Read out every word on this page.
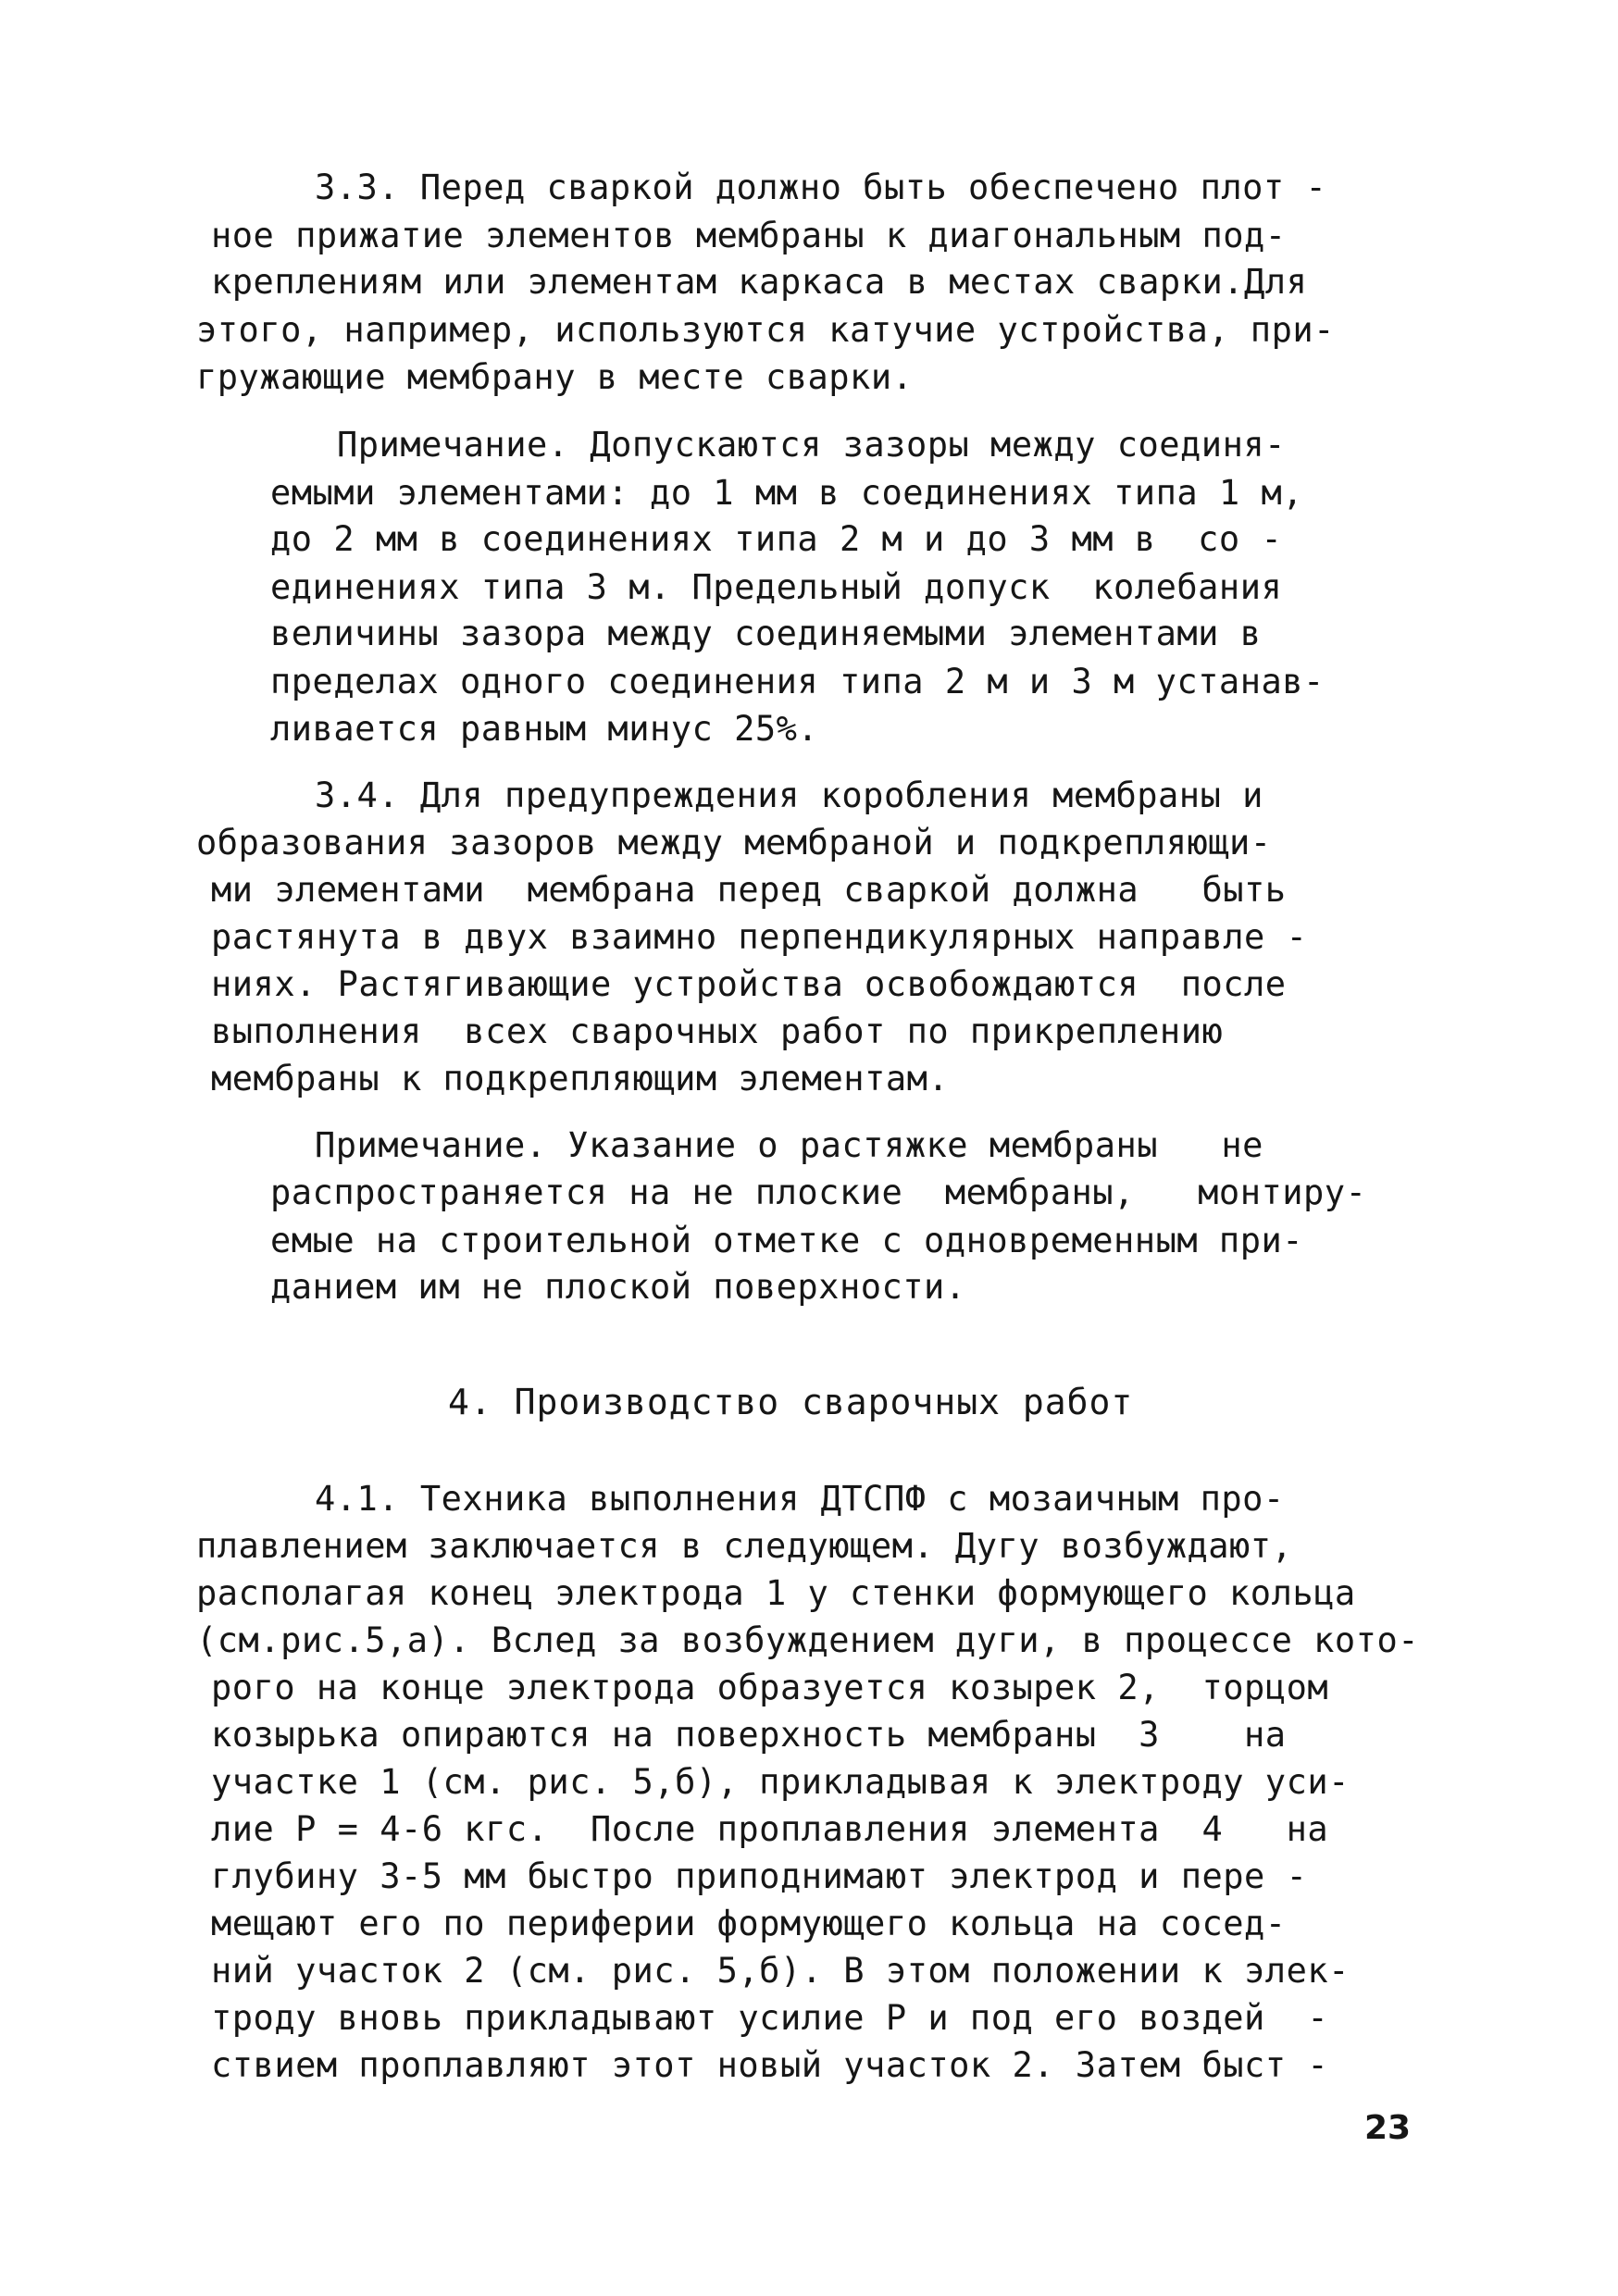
3.3. Перед сваркой должно быть обеспечено плот -
ное прижатие элементов мембраны к диагональным под-
креплениям или элементам каркаса в местах сварки.Для
этого, например, используются катучие устройства, при-
гружающие мембрану в месте сварки.
Примечание. Допускаются зазоры между соединя-
емыми элементами: до 1 мм в соединениях типа 1 м,
до 2 мм в соединениях типа 2 м и до 3 мм в  со -
единениях типа 3 м. Предельный допуск  колебания
величины зазора между соединяемыми элементами в
пределах одного соединения типа 2 м и 3 м устанав-
ливается равным минус 25%.
3.4. Для предупреждения коробления мембраны и
образования зазоров между мембраной и подкрепляющи-
ми элементами  мембрана перед сваркой должна   быть
растянута в двух взаимно перпендикулярных направле -
ниях. Растягивающие устройства освобождаются  после
выполнения  всех сварочных работ по прикреплению
мембраны к подкрепляющим элементам.
Примечание. Указание о растяжке мембраны   не
распространяется на не плоские  мембраны,   монтиру-
емые на строительной отметке с одновременным при-
данием им не плоской поверхности.
4. Производство сварочных работ
4.1. Техника выполнения ДТСПФ с мозаичным про-
плавлением заключается в следующем. Дугу возбуждают,
располагая конец электрода 1 у стенки формующего кольца
(см.рис.5,а). Вслед за возбуждением дуги, в процессе кото-
рого на конце электрода образуется козырек 2,  торцом
козырька опираются на поверхность мембраны  3    на
участке 1 (см. рис. 5,б), прикладывая к электроду уси-
лие Р = 4-6 кгс.  После проплавления элемента  4   на
глубину 3-5 мм быстро приподнимают электрод и пере -
мещают его по периферии формующего кольца на сосед-
ний участок 2 (см. рис. 5,б). В этом положении к элек-
троду вновь прикладывают усилие Р и под его воздей  -
ствием проплавляют этот новый участок 2. Затем быст -
23
